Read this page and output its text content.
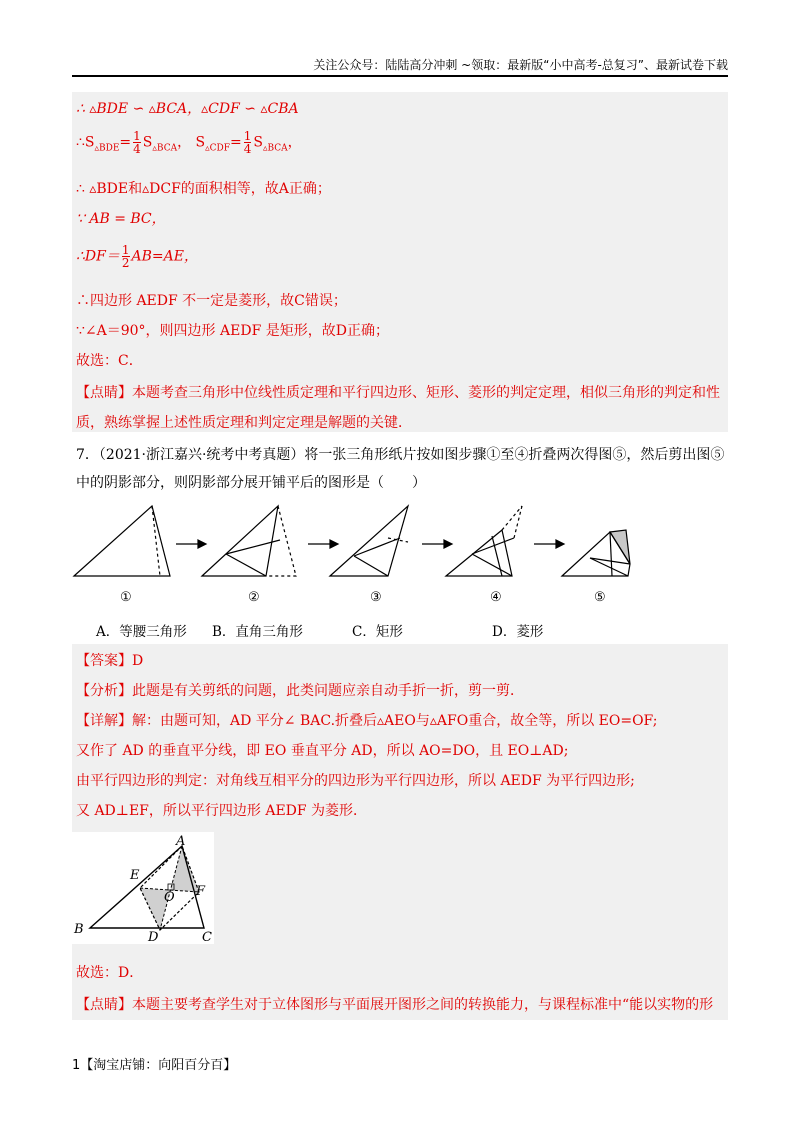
关注公众号：陆陆高分冲刺 ~领取：最新版“小中高考-总复习”、最新试卷下载
∴ ▵BDE ∽ ▵BCA，▵CDF ∽ ▵CBA
$\therefore S_{▵BDE}= \frac{1}{4} S_{▵BCA}$， $S_{▵CDF}= \frac{1}{4} S_{▵BCA}$，
∴ ▵BDE和▵DCF的面积相等，故A正确；
∵ AB = BC，
∴DF＝ $\frac{1}{2} AB=AE$，
∴四边形 AEDF 不一定是菱形，故C错误；
∵∠A＝90°，则四边形 AEDF 是矩形，故D正确；
故选：C．
【点睛】本题考查三角形中位线性质定理和平行四边形、矩形、菱形的判定定理，相似三角形的判定和性
质，熟练掌握上述性质定理和判定定理是解题的关键．
7．（2021·浙江嘉兴·统考中考真题）将一张三角形纸片按如图步骤①至④折叠两次得图⑤，然后剪出图⑤
中的阴影部分，则阴影部分展开铺平后的图形是（　　）
①	②	③	④	⑤
A．等腰三角形 B．直角三角形	C．矩形	D．菱形
【答案】D
【分析】此题是有关剪纸的问题，此类问题应亲自动手折一折，剪一剪．
【详解】解：由题可知，AD 平分∠ BAC.折叠后▵AEO与▵AFO重合，故全等，所以 EO=OF;
又作了 AD 的垂直平分线，即 EO 垂直平分 AD，所以 AO=DO，且 EO⊥AD;
由平行四边形的判定：对角线互相平分的四边形为平行四边形，所以 AEDF 为平行四边形;
又 AD⊥EF，所以平行四边形 AEDF 为菱形．
A
E
O F
B
D	C
故选：D．
【点睛】本题主要考查学生对于立体图形与平面展开图形之间的转换能力，与课程标准中“能以实物的形
1【淘宝店铺：向阳百分百】
